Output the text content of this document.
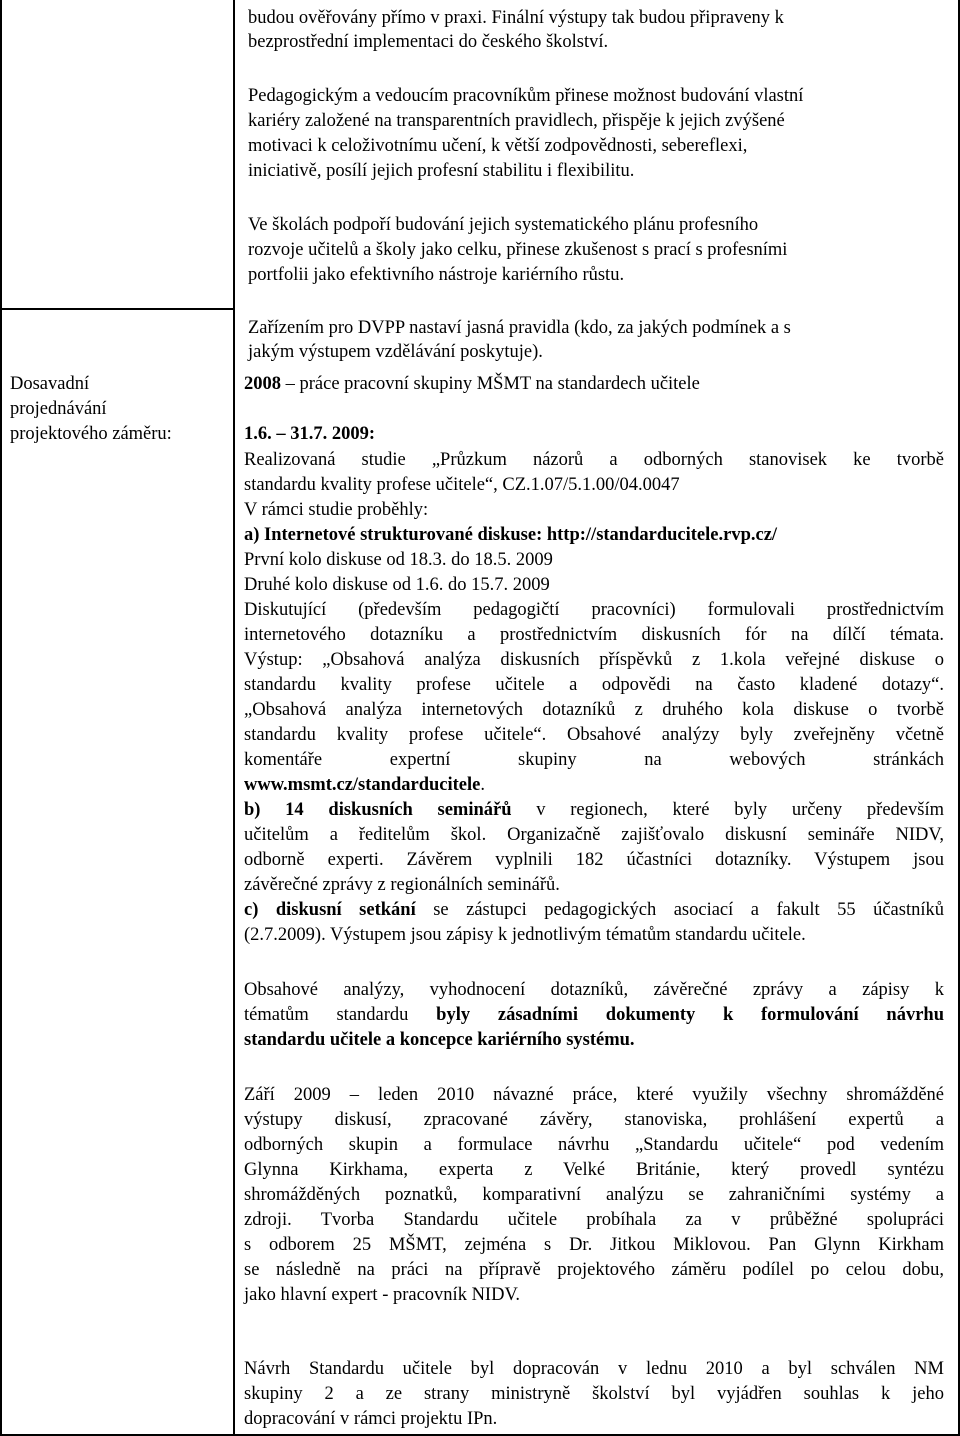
Dosavadní
projednávání
projektového záměru:
budou ověřovány přímo v praxi. Finální výstupy tak budou připraveny k
bezprostřední implementaci do českého školství.
Pedagogickým a vedoucím pracovníkům přinese možnost budování vlastní
kariéry založené na transparentních pravidlech, přispěje k jejich zvýšené
motivaci k celoživotnímu učení, k větší zodpovědnosti, sebereflexi,
iniciativě, posílí jejich profesní stabilitu i flexibilitu.
Ve školách podpoří budování jejich systematického plánu profesního
rozvoje učitelů a školy jako celku, přinese zkušenost s prací s profesními
portfolii jako efektivního nástroje kariérního růstu.
Zařízením pro DVPP nastaví jasná pravidla (kdo, za jakých podmínek a s
jakým výstupem vzdělávání poskytuje).
2008 – práce pracovní skupiny MŠMT na standardech učitele
1.6. – 31.7. 2009:
Realizovaná studie „Průzkum názorů a odborných stanovisek ke tvorbě
standardu kvality profese učitele“, CZ.1.07/5.1.00/04.0047
V rámci studie proběhly:
a) Internetové strukturované diskuse: http://standarducitele.rvp.cz/
První kolo diskuse od 18.3. do 18.5. 2009
Druhé kolo diskuse od 1.6. do 15.7. 2009
Diskutující (především pedagogičtí pracovníci) formulovali prostřednictvím
internetového dotazníku a prostřednictvím diskusních fór na dílčí témata.
Výstup: „Obsahová analýza diskusních příspěvků z 1.kola veřejné diskuse o
standardu kvality profese učitele a odpovědi na často kladené dotazy“.
„Obsahová analýza internetových dotazníků z druhého kola diskuse o tvorbě
standardu kvality profese učitele“. Obsahové analýzy byly zveřejněny včetně
komentáře expertní skupiny na webových stránkách
www.msmt.cz/standarducitele.
b) 14 diskusních seminářů v regionech, které byly určeny především
učitelům a ředitelům škol. Organizačně zajišťovalo diskusní semináře NIDV,
odborně experti. Závěrem vyplnili 182 účastníci dotazníky. Výstupem jsou
závěrečné zprávy z regionálních seminářů.
c) diskusní setkání se zástupci pedagogických asociací a fakult 55 účastníků
(2.7.2009). Výstupem jsou zápisy k jednotlivým tématům standardu učitele.
Obsahové analýzy, vyhodnocení dotazníků, závěrečné zprávy a zápisy k
tématům standardu byly zásadními dokumenty k formulování návrhu
standardu učitele a koncepce kariérního systému.
Září 2009 – leden 2010 návazné práce, které využily všechny shromážděné
výstupy diskusí, zpracované závěry, stanoviska, prohlášení expertů a
odborných skupin a formulace návrhu „Standardu učitele“ pod vedením
Glynna Kirkhama, experta z Velké Británie, který provedl syntézu
shromážděných poznatků, komparativní analýzu se zahraničními systémy a
zdroji. Tvorba Standardu učitele probíhala za v průběžné spolupráci
s odborem 25 MŠMT, zejména s Dr. Jitkou Miklovou. Pan Glynn Kirkham
se následně na práci na přípravě projektového záměru podílel po celou dobu,
jako hlavní expert - pracovník NIDV.
Návrh Standardu učitele byl dopracován v lednu 2010 a byl schválen NM
skupiny 2 a ze strany ministryně školství byl vyjádřen souhlas k jeho
dopracování v rámci projektu IPn.
